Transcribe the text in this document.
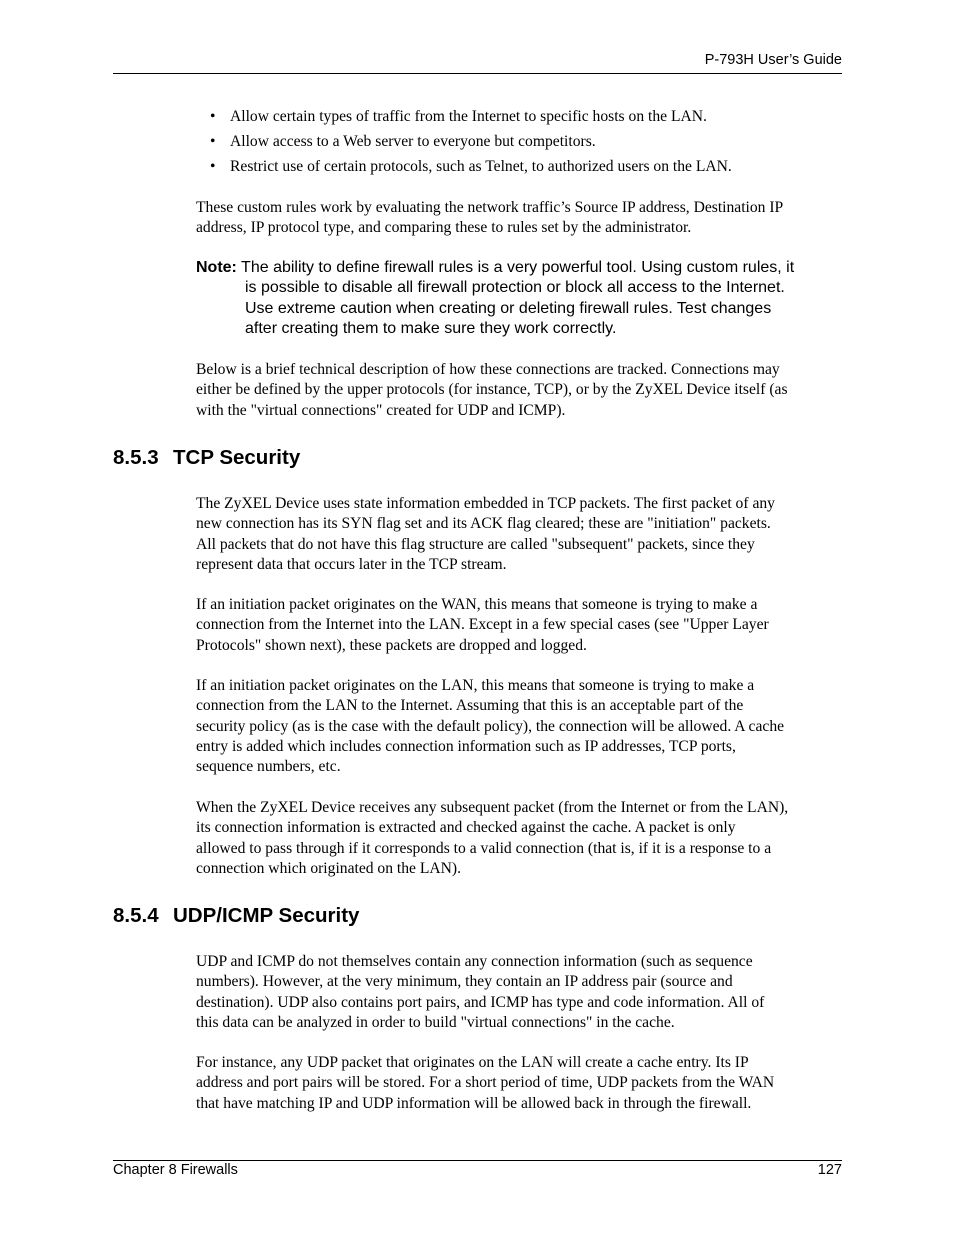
P-793H User’s Guide
• Allow certain types of traffic from the Internet to specific hosts on the LAN.
• Allow access to a Web server to everyone but competitors.
• Restrict use of certain protocols, such as Telnet, to authorized users on the LAN.

These custom rules work by evaluating the network traffic’s Source IP address, Destination IP
address, IP protocol type, and comparing these to rules set by the administrator.

Note: The ability to define firewall rules is a very powerful tool. Using custom rules, it
is possible to disable all firewall protection or block all access to the Internet.
Use extreme caution when creating or deleting firewall rules. Test changes
after creating them to make sure they work correctly.

Below is a brief technical description of how these connections are tracked. Connections may
either be defined by the upper protocols (for instance, TCP), or by the ZyXEL Device itself (as
with the "virtual connections" created for UDP and ICMP).

8.5.3 TCP Security

The ZyXEL Device uses state information embedded in TCP packets. The first packet of any
new connection has its SYN flag set and its ACK flag cleared; these are "initiation" packets.
All packets that do not have this flag structure are called "subsequent" packets, since they
represent data that occurs later in the TCP stream.

If an initiation packet originates on the WAN, this means that someone is trying to make a
connection from the Internet into the LAN. Except in a few special cases (see "Upper Layer
Protocols" shown next), these packets are dropped and logged.

If an initiation packet originates on the LAN, this means that someone is trying to make a
connection from the LAN to the Internet. Assuming that this is an acceptable part of the
security policy (as is the case with the default policy), the connection will be allowed. A cache
entry is added which includes connection information such as IP addresses, TCP ports,
sequence numbers, etc.

When the ZyXEL Device receives any subsequent packet (from the Internet or from the LAN),
its connection information is extracted and checked against the cache. A packet is only
allowed to pass through if it corresponds to a valid connection (that is, if it is a response to a
connection which originated on the LAN).

8.5.4 UDP/ICMP Security

UDP and ICMP do not themselves contain any connection information (such as sequence
numbers). However, at the very minimum, they contain an IP address pair (source and
destination). UDP also contains port pairs, and ICMP has type and code information. All of
this data can be analyzed in order to build "virtual connections" in the cache.

For instance, any UDP packet that originates on the LAN will create a cache entry. Its IP
address and port pairs will be stored. For a short period of time, UDP packets from the WAN
that have matching IP and UDP information will be allowed back in through the firewall.

Chapter 8 Firewalls	127
